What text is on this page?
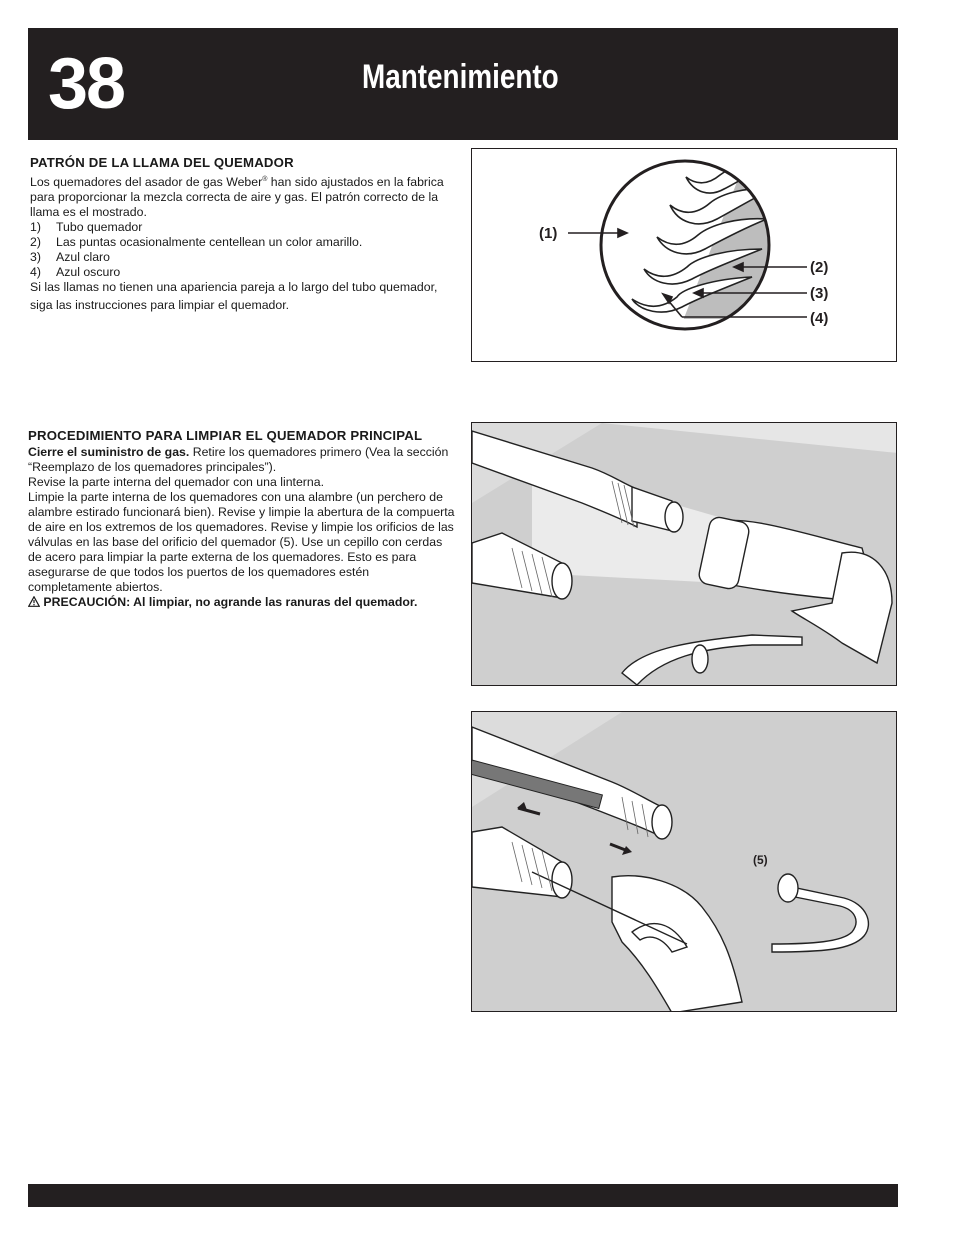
38	Mantenimiento
PATRÓN DE LA LLAMA DEL QUEMADOR

Los quemadores del asador de gas Weber® han sido ajustados en la fabrica para proporcionar la mezcla correcta de aire y gas. El patrón correcto de la llama es el mostrado.

1)	Tubo quemador
2)	Las puntas ocasionalmente centellean un color amarillo.
3)	Azul claro
4)	Azul oscuro

Si las llamas no tienen una apariencia pareja a lo largo del tubo quemador,

siga las instrucciones para limpiar el quemador.

(1)
(2)
(3)
(4)
PROCEDIMIENTO PARA LIMPIAR EL QUEMADOR PRINCIPAL

Cierre el suministro de gas. Retire los quemadores primero (Vea la sección “Reemplazo de los quemadores principales”).

Revise la parte interna del quemador con una linterna.

Limpie la parte interna de los quemadores con una alambre (un perchero de alambre estirado funcionará bien). Revise y limpie la abertura de la compuerta de aire en los extremos de los quemadores. Revise y limpie los orificios de las válvulas en las base del orificio del quemador (5). Use un cepillo con cerdas de acero para limpiar la parte externa de los quemadores. Esto es para asegurarse de que todos los puertos de los quemadores estén completamente abiertos.

PRECAUCIÓN: Al limpiar, no agrande las ranuras del quemador.

(5)
